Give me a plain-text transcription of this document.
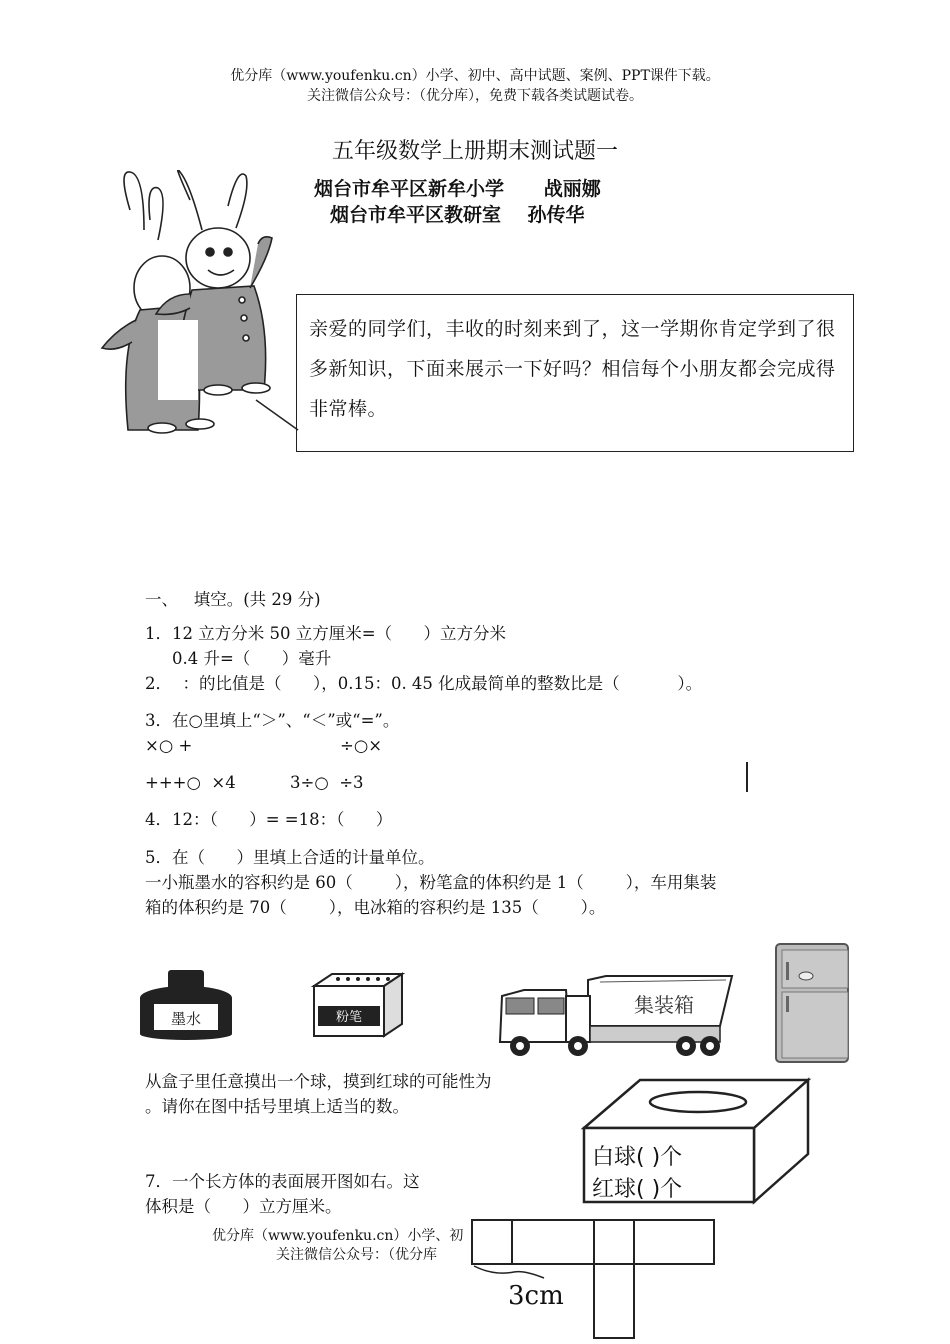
优分库（www.youfenku.cn）小学、初中、高中试题、案例、PPT课件下载。
关注微信公众号：（优分库），免费下载各类试题试卷。
五年级数学上册期末测试题一
烟台市牟平区新牟小学      战丽娜
烟台市牟平区教研室    孙传华
亲爱的同学们，丰收的时刻来到了，这一学期你肯定学到了很多新知识，下面来展示一下好吗？相信每个小朋友都会完成得非常棒。
一、   填空。(共 29 分)
1．12 立方分米 50 立方厘米=（      ）立方分米
0.4 升=（      ）毫升
2．  ：的比值是（      ），0.15：0. 45 化成最简单的整数比是（           ）。
3．在○里填上“＞”、“＜”或“=”。
×○ +	÷○×
+++○  ×4	3÷○  ÷3
4．12：（      ）= =18：（      ）
5．在（      ）里填上合适的计量单位。
一小瓶墨水的容积约是 60（        ），粉笔盒的体积约是 1（        ），车用集装
箱的体积约是 70（        ），电冰箱的容积约是 135（        ）。
墨水	粉笔
集装箱
从盒子里任意摸出一个球，摸到红球的可能性为
。请你在图中括号里填上适当的数。
白球( )个
红球( )个
7．一个长方体的表面展开图如右。这
体积是（      ）立方厘米。
优分库（www.youfenku.cn）小学、初
关注微信公众号：（优分库
3cm
